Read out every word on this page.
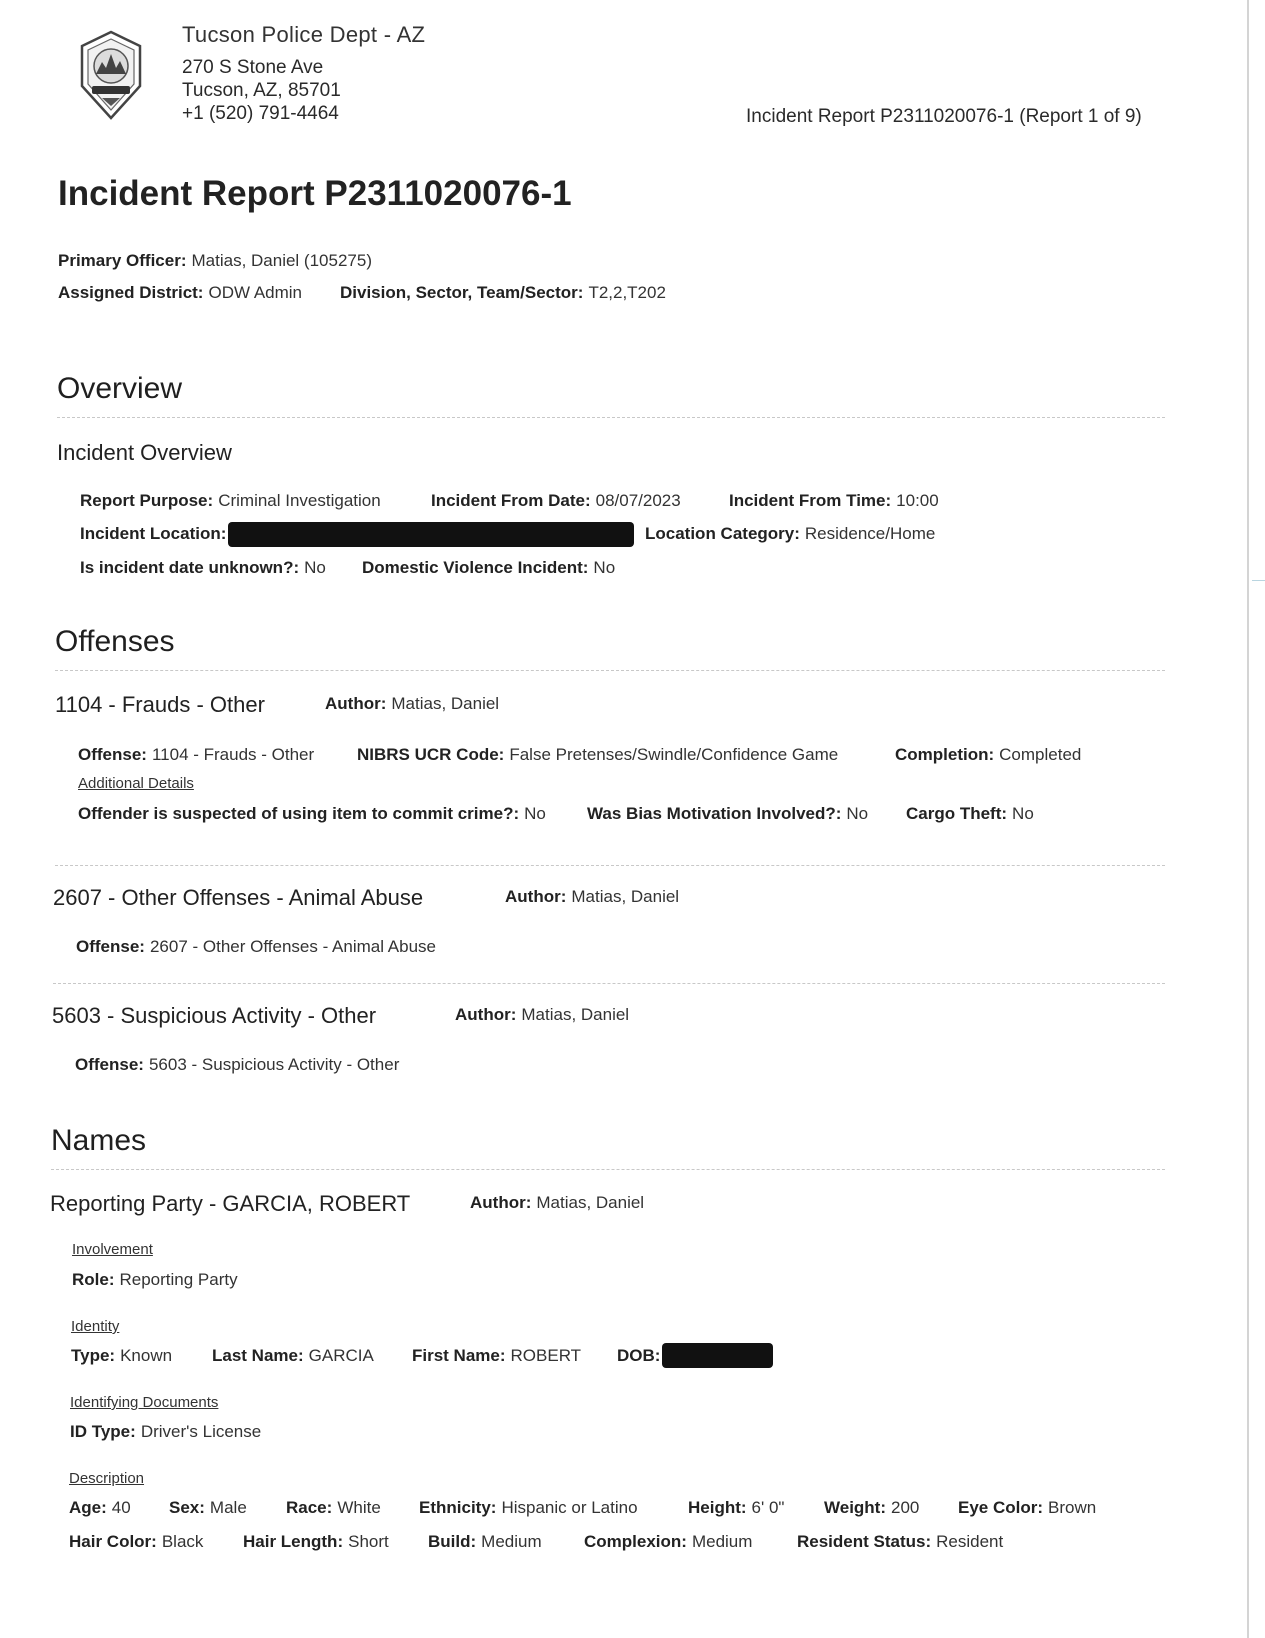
Tucson Police Dept - AZ
270 S Stone Ave
Tucson, AZ, 85701
+1 (520) 791-4464	Incident Report P2311020076-1 (Report 1 of 9)
Incident Report P2311020076-1
Primary Officer: Matias, Daniel (105275)
Assigned District: ODW Admin Division, Sector, Team/Sector: T2,2,T202
Overview
Incident Overview
Report Purpose: Criminal Investigation	Incident From Date: 08/07/2023	Incident From Time: 10:00
Incident Location:	Location Category: Residence/Home
Is incident date unknown?: No Domestic Violence Incident: No
Offenses
1104 - Frauds - Other	Author: Matias, Daniel
Offense: 1104 - Frauds - Other	NIBRS UCR Code: False Pretenses/Swindle/Confidence Game	Completion: Completed
Additional Details
Offender is suspected of using item to commit crime?: No Was Bias Motivation Involved?: No Cargo Theft: No
2607 - Other Offenses - Animal Abuse	Author: Matias, Daniel
Offense: 2607 - Other Offenses - Animal Abuse
5603 - Suspicious Activity - Other	Author: Matias, Daniel
Offense: 5603 - Suspicious Activity - Other
Names
Reporting Party - GARCIA, ROBERT	Author: Matias, Daniel
Involvement
Role: Reporting Party
Identity
Type: Known Last Name: GARCIA First Name: ROBERT DOB:
Identifying Documents
ID Type: Driver's License
Description
Age: 40 Sex: Male Race: White Ethnicity: Hispanic or Latino	Height: 6' 0" Weight: 200 Eye Color: Brown
Hair Color: Black Hair Length: Short Build: Medium Complexion: Medium	Resident Status: Resident
